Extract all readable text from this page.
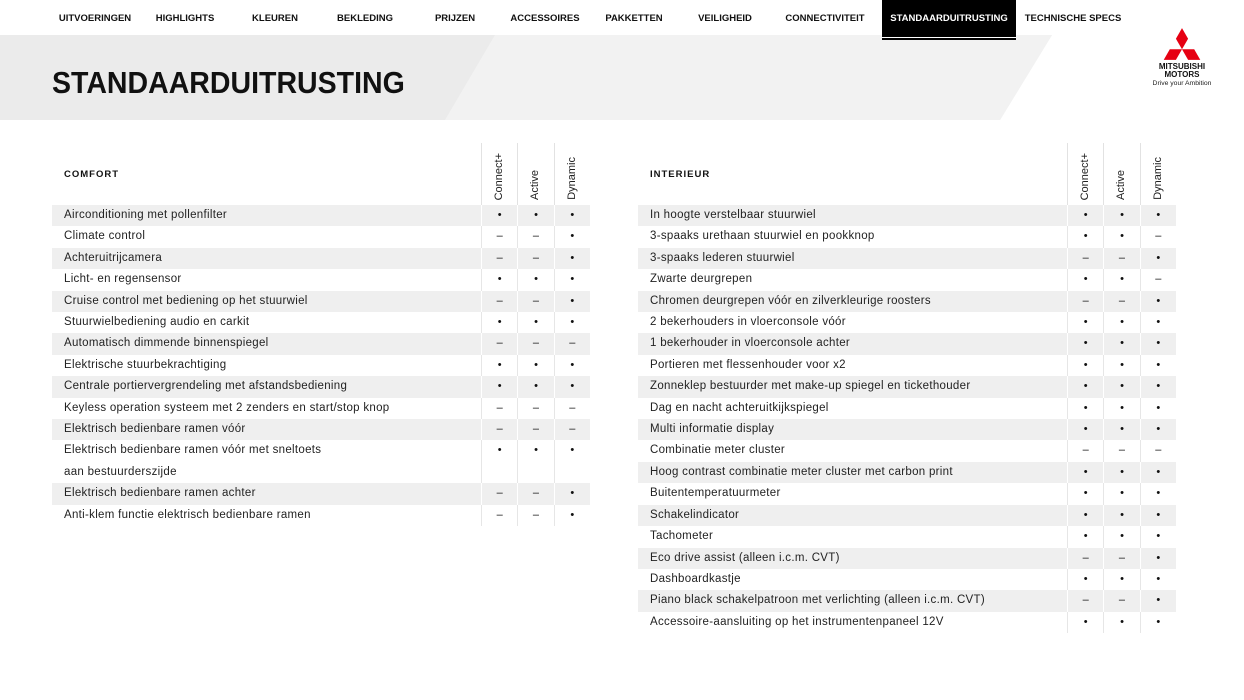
UITVOERINGEN	HIGHLIGHTS	KLEUREN	BEKLEDING	PRIJZEN	ACCESSOIRES	PAKKETTEN	VEILIGHEID	CONNECTIVITEIT	STANDAARDUITRUSTING	TECHNISCHE SPECS
STANDAARDUITRUSTING	MITSUBISHI
MOTORS
Drive your Ambition
COMFORT	Connect+ Active Dynamic
Airconditioning met pollenfilter	•	•	•
Climate control	–	–	•
Achteruitrijcamera	–	–	•
Licht- en regensensor	•	•	•
Cruise control met bediening op het stuurwiel	–	–	•
Stuurwielbediening audio en carkit	•	•	•
Automatisch dimmende binnenspiegel	–	–	–
Elektrische stuurbekrachtiging	•	•	•
Centrale portiervergrendeling met afstandsbediening	•	•	•
Keyless operation systeem met 2 zenders en start/stop knop	–	–	–
Elektrisch bedienbare ramen vóór	–	–	–
Elektrisch bedienbare ramen vóór met sneltoets
aan bestuurderszijde
•	•	•
Elektrisch bedienbare ramen achter	–	–	•
Anti-klem functie elektrisch bedienbare ramen	–	–	•
INTERIEUR	Connect+ Active Dynamic
In hoogte verstelbaar stuurwiel	•	•	•
3-spaaks urethaan stuurwiel en pookknop	•	•	–
3-spaaks lederen stuurwiel	–	–	•
Zwarte deurgrepen	•	•	–
Chromen deurgrepen vóór en zilverkleurige roosters	–	–	•
2 bekerhouders in vloerconsole vóór	•	•	•
1 bekerhouder in vloerconsole achter	•	•	•
Portieren met flessenhouder voor x2	•	•	•
Zonneklep bestuurder met make-up spiegel en tickethouder	•	•	•
Dag en nacht achteruitkijkspiegel	•	•	•
Multi informatie display	•	•	•
Combinatie meter cluster	–	–	–
Hoog contrast combinatie meter cluster met carbon print	•	•	•
Buitentemperatuurmeter	•	•	•
Schakelindicator	•	•	•
Tachometer	•	•	•
Eco drive assist (alleen i.c.m. CVT)	–	–	•
Dashboardkastje	•	•	•
Piano black schakelpatroon met verlichting (alleen i.c.m. CVT)	–	–	•
Accessoire-aansluiting op het instrumentenpaneel 12V	•	•	•
